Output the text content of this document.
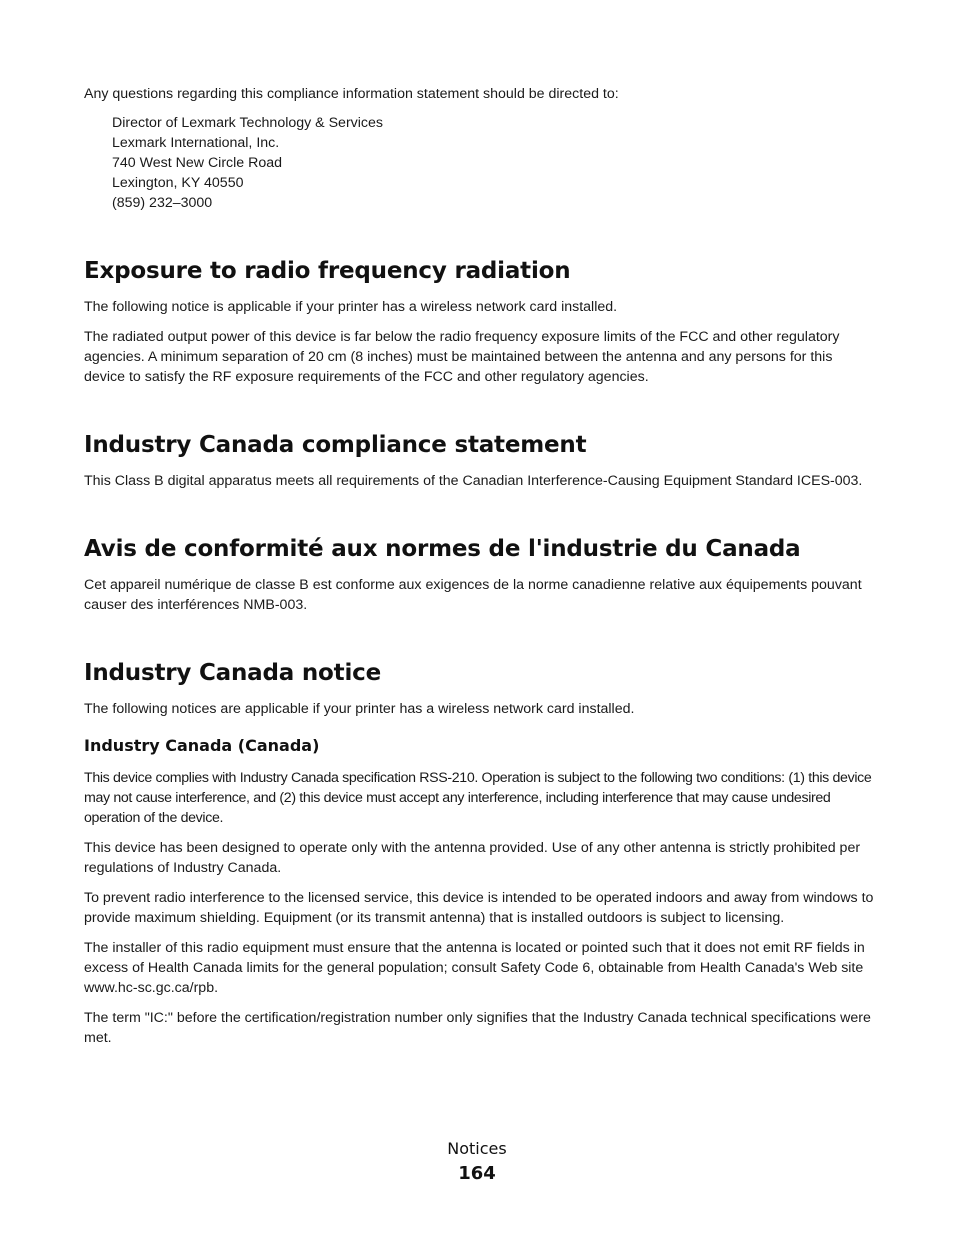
Any questions regarding this compliance information statement should be directed to:

Director of Lexmark Technology & Services
Lexmark International, Inc.
740 West New Circle Road
Lexington, KY 40550
(859) 232–3000
Exposure to radio frequency radiation

The following notice is applicable if your printer has a wireless network card installed.

The radiated output power of this device is far below the radio frequency exposure limits of the FCC and other regulatory agencies. A minimum separation of 20 cm (8 inches) must be maintained between the antenna and any persons for this device to satisfy the RF exposure requirements of the FCC and other regulatory agencies.

Industry Canada compliance statement

This Class B digital apparatus meets all requirements of the Canadian Interference-Causing Equipment Standard ICES-003.

Avis de conformité aux normes de l'industrie du Canada

Cet appareil numérique de classe B est conforme aux exigences de la norme canadienne relative aux équipements pouvant causer des interférences NMB-003.

Industry Canada notice

The following notices are applicable if your printer has a wireless network card installed.

Industry Canada (Canada)

This device complies with Industry Canada specification RSS-210. Operation is subject to the following two conditions: (1) this device may not cause interference, and (2) this device must accept any interference, including interference that may cause undesired operation of the device.

This device has been designed to operate only with the antenna provided. Use of any other antenna is strictly prohibited per regulations of Industry Canada.

To prevent radio interference to the licensed service, this device is intended to be operated indoors and away from windows to provide maximum shielding. Equipment (or its transmit antenna) that is installed outdoors is subject to licensing.

The installer of this radio equipment must ensure that the antenna is located or pointed such that it does not emit RF fields in excess of Health Canada limits for the general population; consult Safety Code 6, obtainable from Health Canada's Web site www.hc-sc.gc.ca/rpb.

The term "IC:" before the certification/registration number only signifies that the Industry Canada technical specifications were met.

Notices
164
